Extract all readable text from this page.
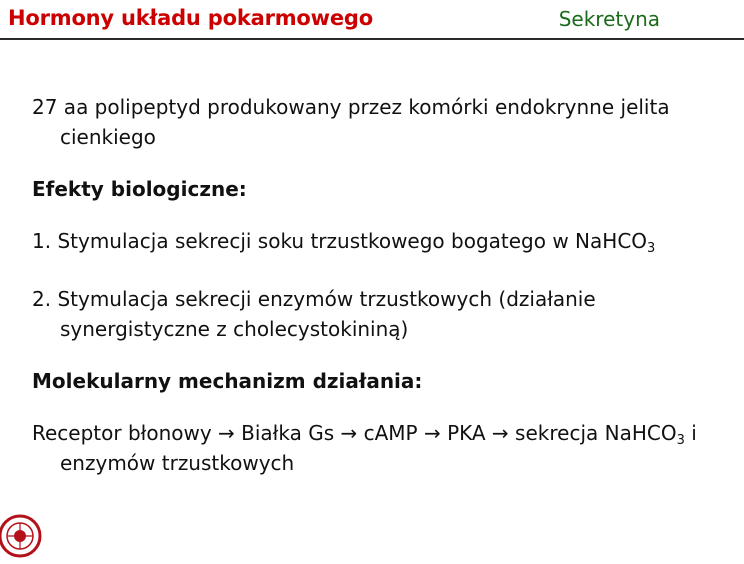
Hormony układu pokarmowego	Sekretyna

27 aa polipeptyd produkowany przez komórki endokrynne jelita cienkiego

Efekty biologiczne:

1. Stymulacja sekrecji soku trzustkowego bogatego w NaHCO$_3$

2. Stymulacja sekrecji enzymów trzustkowych (działanie synergistyczne z cholecystokininą)

Molekularny mechanizm działania:

Receptor błonowy → Białka Gs → cAMP → PKA → sekrecja NaHCO$_3$ i enzymów trzustkowych
